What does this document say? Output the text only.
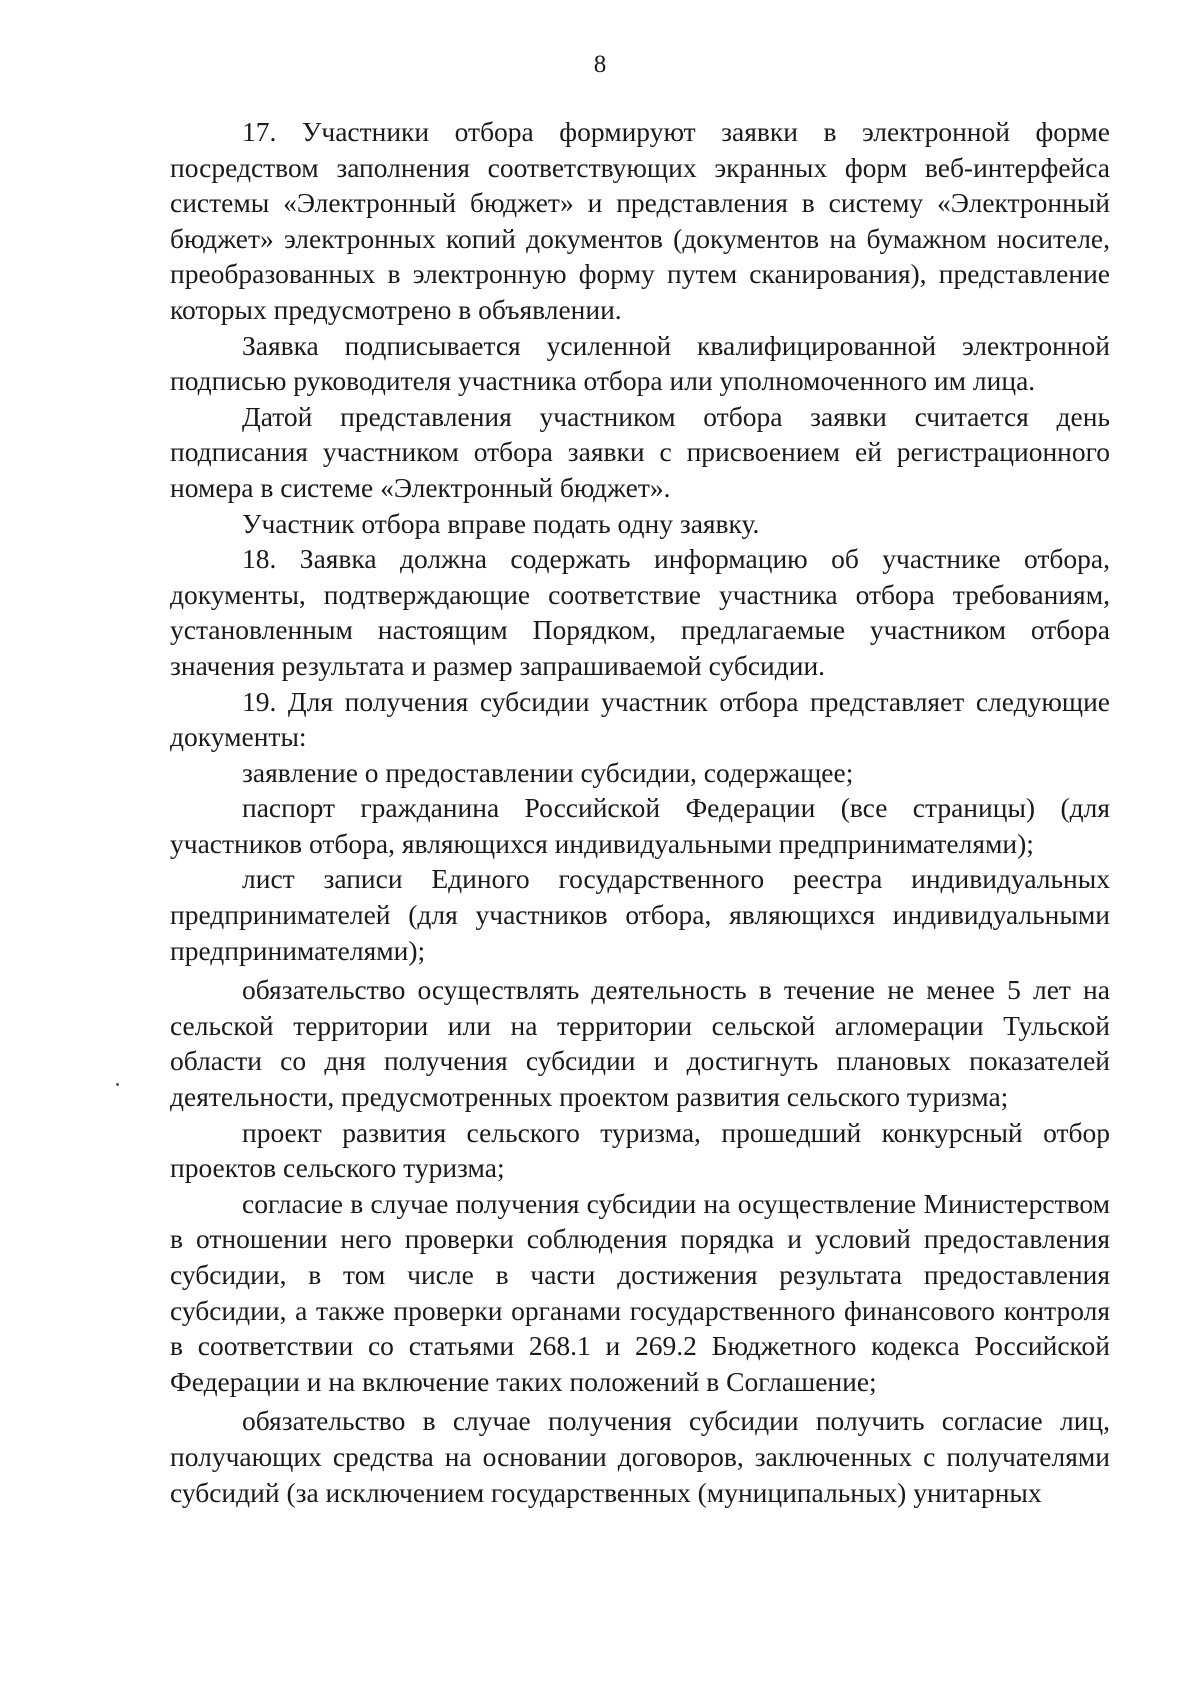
8

17. Участники отбора формируют заявки в электронной форме посредством заполнения соответствующих экранных форм веб-интерфейса системы «Электронный бюджет» и представления в систему «Электронный бюджет» электронных копий документов (документов на бумажном носителе, преобразованных в электронную форму путем сканирования), представление которых предусмотрено в объявлении.

Заявка подписывается усиленной квалифицированной электронной подписью руководителя участника отбора или уполномоченного им лица.

Датой представления участником отбора заявки считается день подписания участником отбора заявки с присвоением ей регистрационного номера в системе «Электронный бюджет».

Участник отбора вправе подать одну заявку.

18. Заявка должна содержать информацию об участнике отбора, документы, подтверждающие соответствие участника отбора требованиям, установленным настоящим Порядком, предлагаемые участником отбора значения результата и размер запрашиваемой субсидии.

19. Для получения субсидии участник отбора представляет следующие документы:

заявление о предоставлении субсидии, содержащее;

паспорт гражданина Российской Федерации (все страницы) (для участников отбора, являющихся индивидуальными предпринимателями);

лист записи Единого государственного реестра индивидуальных предпринимателей (для участников отбора, являющихся индивидуальными предпринимателями);

обязательство осуществлять деятельность в течение не менее 5 лет на сельской территории или на территории сельской агломерации Тульской области со дня получения субсидии и достигнуть плановых показателей деятельности, предусмотренных проектом развития сельского туризма;

проект развития сельского туризма, прошедший конкурсный отбор проектов сельского туризма;

согласие в случае получения субсидии на осуществление Министерством в отношении него проверки соблюдения порядка и условий предоставления субсидии, в том числе в части достижения результата предоставления субсидии, а также проверки органами государственного финансового контроля в соответствии со статьями 268.1 и 269.2 Бюджетного кодекса Российской Федерации и на включение таких положений в Соглашение;

обязательство в случае получения субсидии получить согласие лиц, получающих средства на основании договоров, заключенных с получателями субсидий (за исключением государственных (муниципальных) унитарных
